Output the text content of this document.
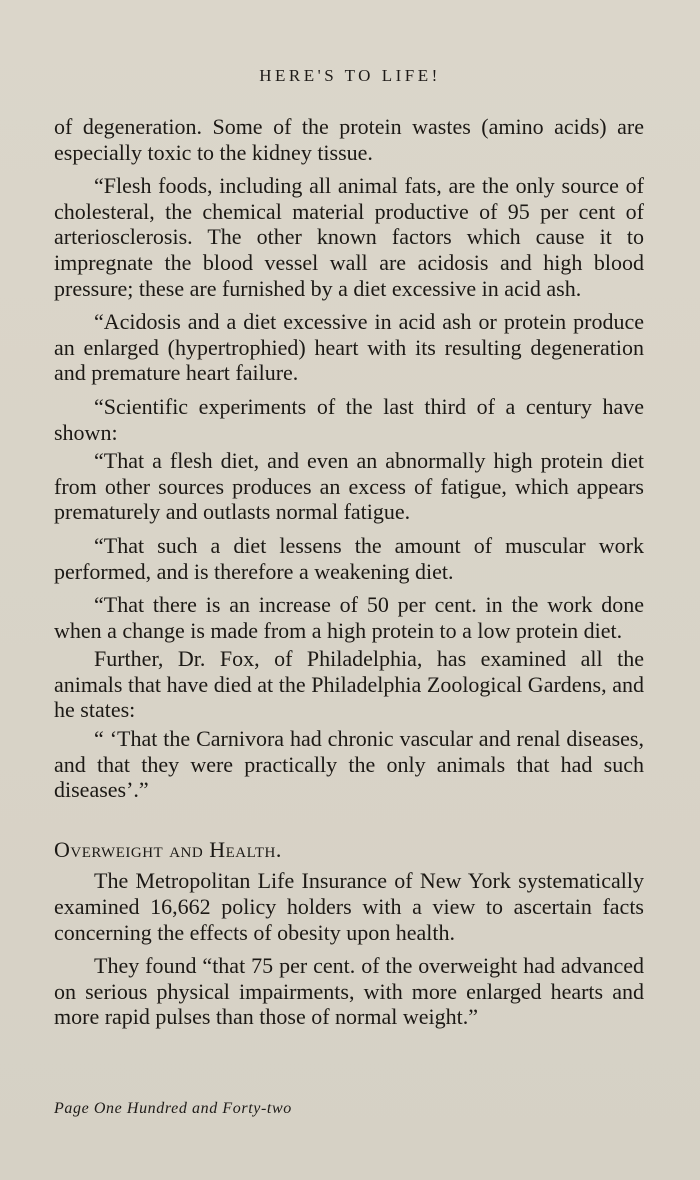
HERE'S TO LIFE!

of degeneration. Some of the protein wastes (amino acids) are especially toxic to the kidney tissue.

“Flesh foods, including all animal fats, are the only source of cholesteral, the chemical material productive of 95 per cent of arteriosclerosis. The other known factors which cause it to impregnate the blood vessel wall are acidosis and high blood pressure; these are furnished by a diet excessive in acid ash.

“Acidosis and a diet excessive in acid ash or protein produce an enlarged (hypertrophied) heart with its resulting degeneration and premature heart failure.

“Scientific experiments of the last third of a century have shown:

“That a flesh diet, and even an abnormally high protein diet from other sources produces an excess of fatigue, which appears prematurely and outlasts normal fatigue.

“That such a diet lessens the amount of muscular work performed, and is therefore a weakening diet.

“That there is an increase of 50 per cent. in the work done when a change is made from a high protein to a low protein diet.

Further, Dr. Fox, of Philadelphia, has examined all the animals that have died at the Philadelphia Zoological Gardens, and he states:

“ ‘That the Carnivora had chronic vascular and renal diseases, and that they were practically the only animals that had such diseases’.”

Overweight and Health.

The Metropolitan Life Insurance of New York systematically examined 16,662 policy holders with a view to ascertain facts concerning the effects of obesity upon health.

They found “that 75 per cent. of the overweight had advanced on serious physical impairments, with more enlarged hearts and more rapid pulses than those of normal weight.”

Page One Hundred and Forty-two
